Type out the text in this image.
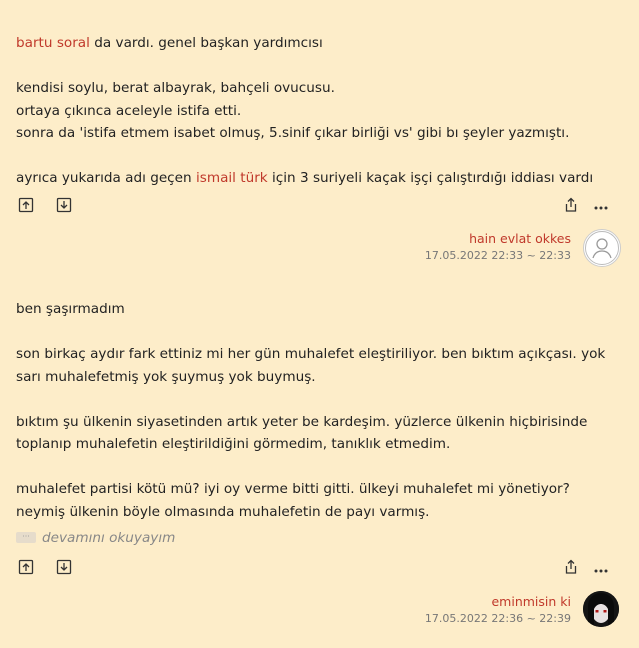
bartu soral da vardı. genel başkan yardımcısı

kendisi soylu, berat albayrak, bahçeli ovucusu.

ortaya çıkınca aceleyle istifa etti.

sonra da 'istifa etmem isabet olmuş, 5.sinif çıkar birliği vs' gibi bı şeyler yazmıştı.

ayrıca yukarıda adı geçen ismail türk için 3 suriyeli kaçak işçi çalıştırdığı iddiası vardı

hain evlat okkes
17.05.2022 22:33 ~ 22:33

ben şaşırmadım

son birkaç aydır fark ettiniz mi her gün muhalefet eleştiriliyor. ben bıktım açıkçası. yok sarı muhalefetmiş yok şuymuş yok buymuş.

bıktım şu ülkenin siyasetinden artık yeter be kardeşim. yüzlerce ülkenin hiçbirisinde toplanıp muhalefetin eleştirildiğini görmedim, tanıklık etmedim.

muhalefet partisi kötü mü? iyi oy verme bitti gitti. ülkeyi muhalefet mi yönetiyor? neymiş ülkenin böyle olmasında muhalefetin de payı varmış.

··· devamını okuyayım
eminmisin ki
17.05.2022 22:36 ~ 22:39
